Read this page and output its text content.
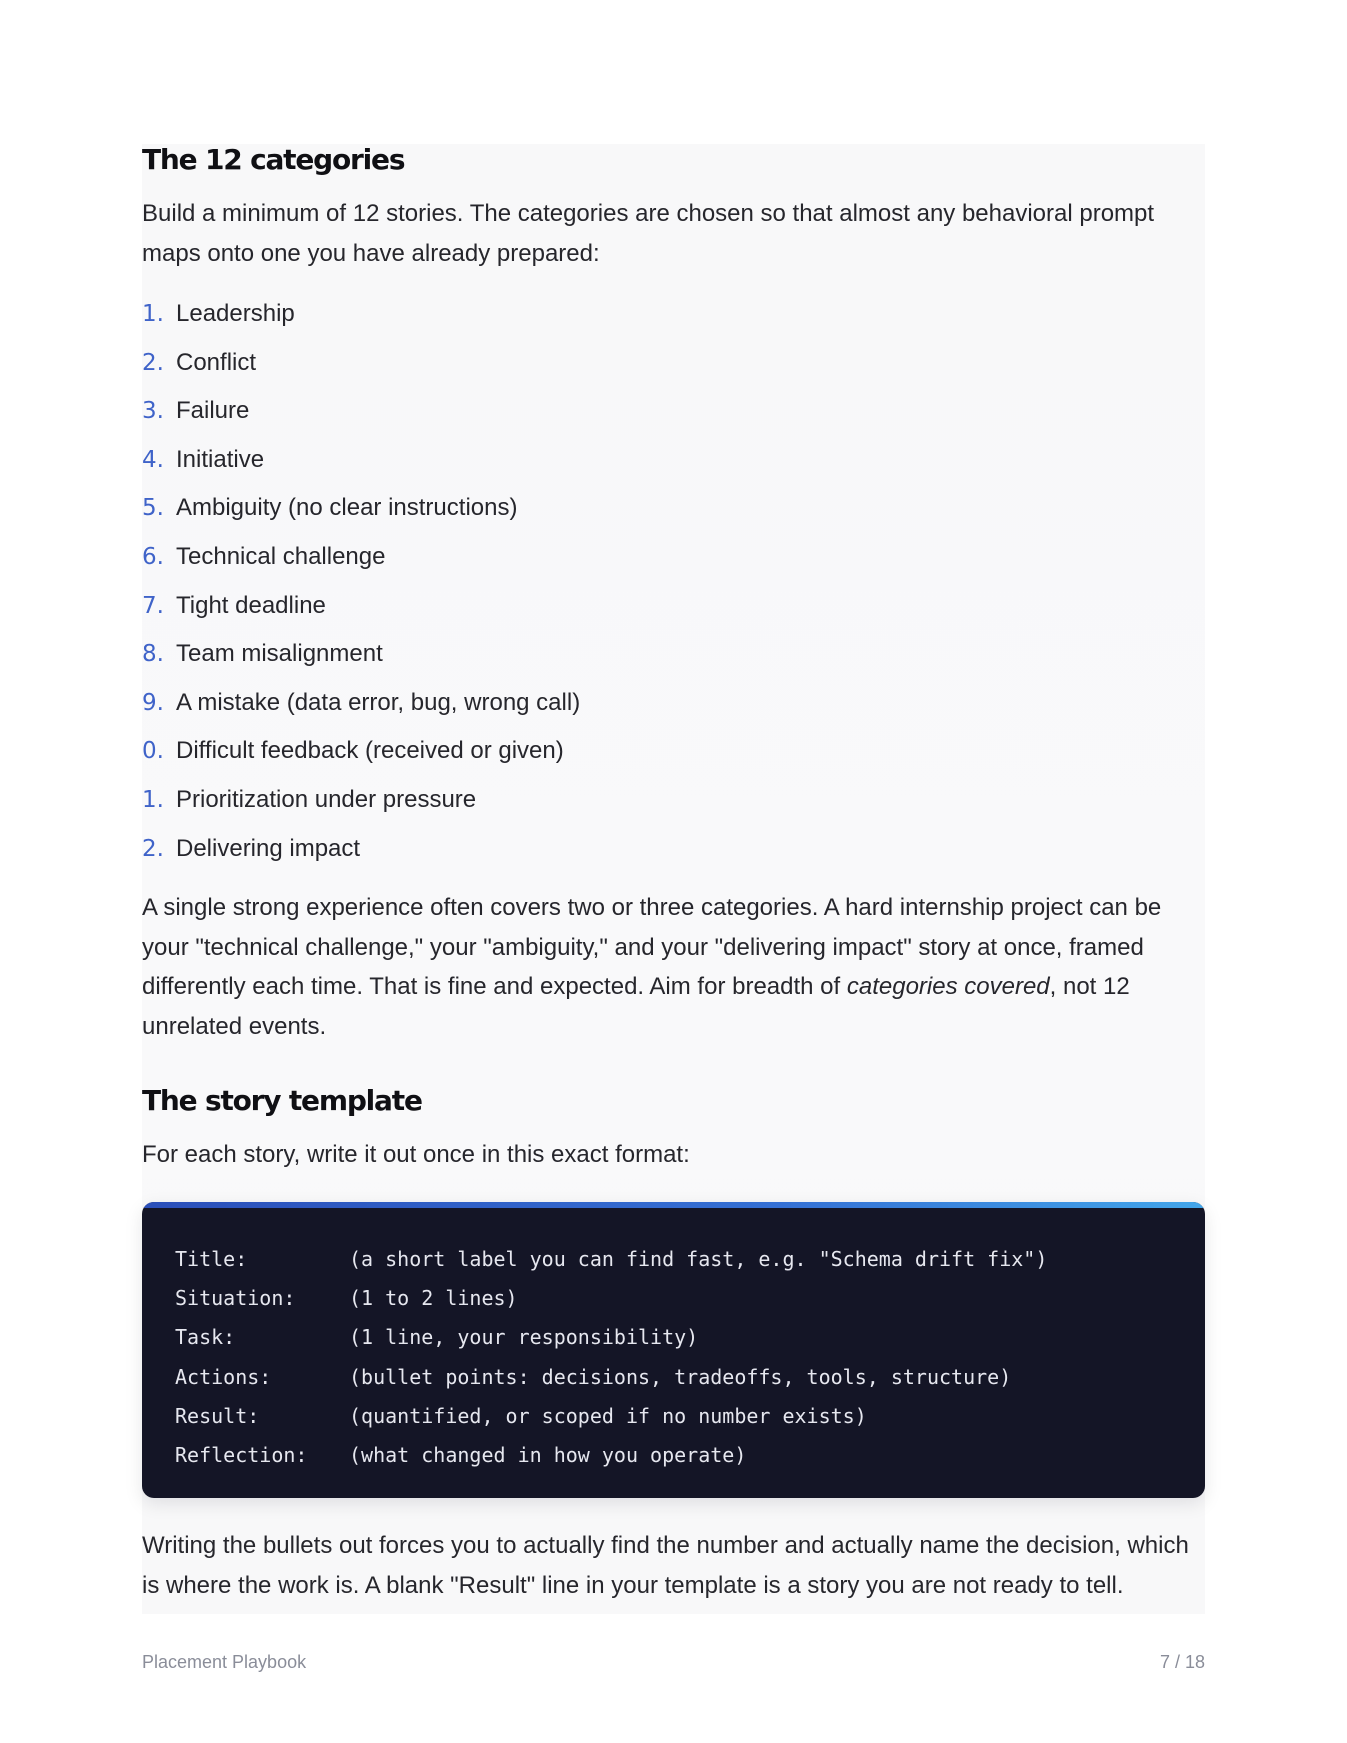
The 12 categories

Build a minimum of 12 stories. The categories are chosen so that almost any behavioral prompt

maps onto one you have already prepared:

1. Leadership
2. Conflict
3. Failure
4. Initiative
5. Ambiguity (no clear instructions)
6. Technical challenge
7. Tight deadline
8. Team misalignment
9. A mistake (data error, bug, wrong call)
0. Difficult feedback (received or given)
1. Prioritization under pressure
2. Delivering impact

A single strong experience often covers two or three categories. A hard internship project can be

your "technical challenge," your "ambiguity," and your "delivering impact" story at once, framed

differently each time. That is fine and expected. Aim for breadth of categories covered, not 12

unrelated events.

The story template

For each story, write it out once in this exact format:

Title:	(a short label you can find fast, e.g. "Schema drift fix")
Situation:	(1 to 2 lines)
Task:	(1 line, your responsibility)
Actions:	(bullet points: decisions, tradeoffs, tools, structure)
Result:	(quantified, or scoped if no number exists)
Reflection: (what changed in how you operate)

Writing the bullets out forces you to actually find the number and actually name the decision, which

is where the work is. A blank "Result" line in your template is a story you are not ready to tell.

Placement Playbook	7 / 18
